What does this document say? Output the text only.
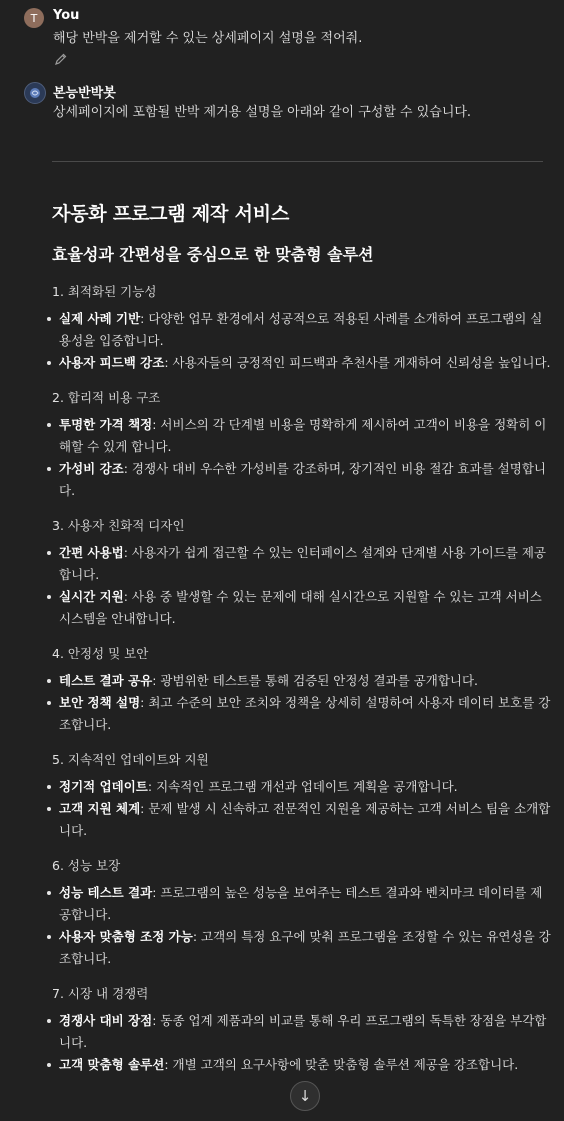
T You
해당 반박을 제거할 수 있는 상세페이지 설명을 적어줘.
본능반박봇
상세페이지에 포함될 반박 제거용 설명을 아래와 같이 구성할 수 있습니다.
자동화 프로그램 제작 서비스
효율성과 간편성을 중심으로 한 맞춤형 솔루션
1. 최적화된 기능성
실제 사례 기반: 다양한 업무 환경에서 성공적으로 적용된 사례를 소개하여 프로그램의 실용성을 입증합니다.
사용자 피드백 강조: 사용자들의 긍정적인 피드백과 추천사를 게재하여 신뢰성을 높입니다.
2. 합리적 비용 구조
투명한 가격 책정: 서비스의 각 단계별 비용을 명확하게 제시하여 고객이 비용을 정확히 이해할 수 있게 합니다.
가성비 강조: 경쟁사 대비 우수한 가성비를 강조하며, 장기적인 비용 절감 효과를 설명합니다.
3. 사용자 친화적 디자인
간편 사용법: 사용자가 쉽게 접근할 수 있는 인터페이스 설계와 단계별 사용 가이드를 제공합니다.
실시간 지원: 사용 중 발생할 수 있는 문제에 대해 실시간으로 지원할 수 있는 고객 서비스 시스템을 안내합니다.
4. 안정성 및 보안
테스트 결과 공유: 광범위한 테스트를 통해 검증된 안정성 결과를 공개합니다.
보안 정책 설명: 최고 수준의 보안 조치와 정책을 상세히 설명하여 사용자 데이터 보호를 강조합니다.
5. 지속적인 업데이트와 지원
정기적 업데이트: 지속적인 프로그램 개선과 업데이트 계획을 공개합니다.
고객 지원 체계: 문제 발생 시 신속하고 전문적인 지원을 제공하는 고객 서비스 팀을 소개합니다.
6. 성능 보장
성능 테스트 결과: 프로그램의 높은 성능을 보여주는 테스트 결과와 벤치마크 데이터를 제공합니다.
사용자 맞춤형 조정 가능: 고객의 특정 요구에 맞춰 프로그램을 조정할 수 있는 유연성을 강조합니다.
7. 시장 내 경쟁력
경쟁사 대비 장점: 동종 업계 제품과의 비교를 통해 우리 프로그램의 독특한 장점을 부각합니다.
고객 맞춤형 솔루션: 개별 고객의 요구사항에 맞춘 맞춤형 솔루션 제공을 강조합니다.
↓
